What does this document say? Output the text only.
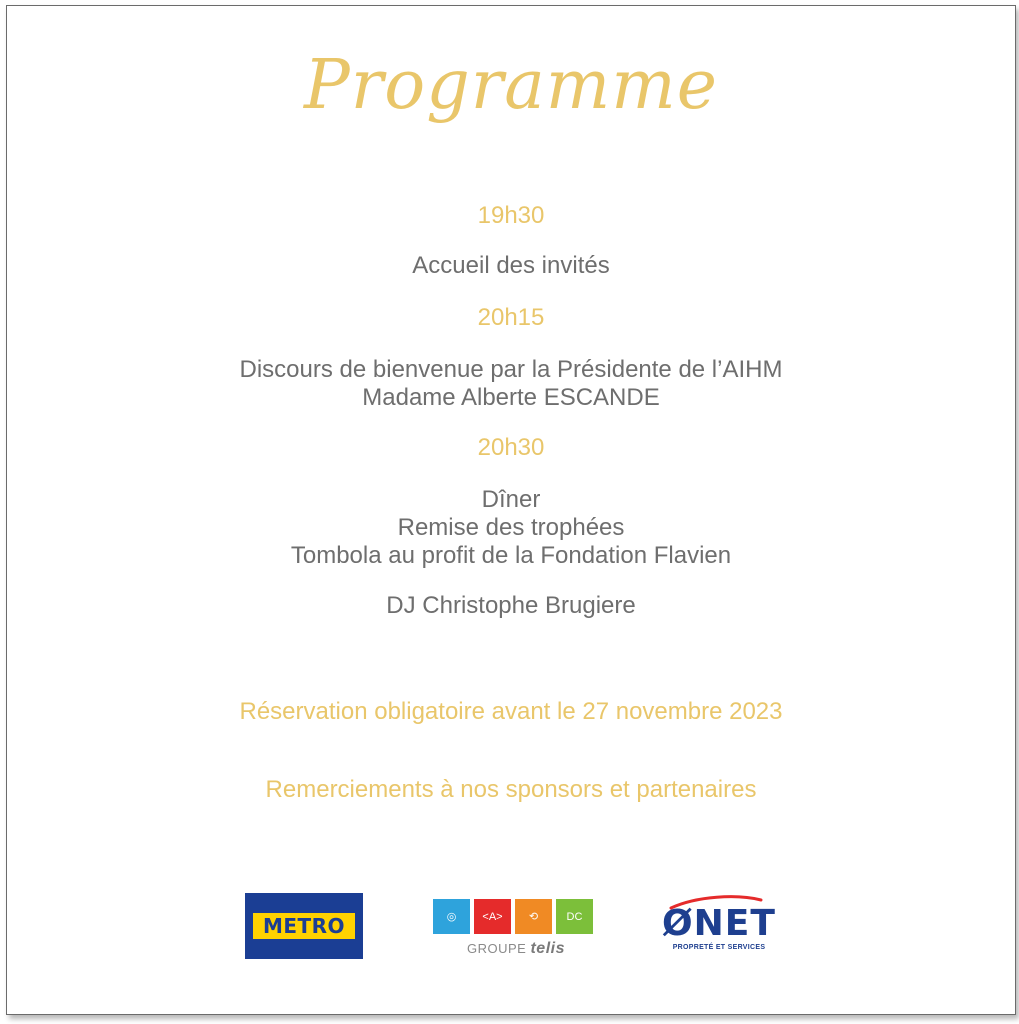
Programme
19h30
Accueil des invités
20h15
Discours de bienvenue par la Présidente de l’AIHM
Madame Alberte ESCANDE
20h30
Dîner
Remise des trophées
Tombola au profit de la Fondation Flavien
DJ Christophe Brugiere
Réservation obligatoire avant le 27 novembre 2023
Remerciements à nos sponsors et partenaires
METRO	◎	<A>	⟲	DC
GROUPE telis
ØNET
PROPRETÉ ET SERVICES
